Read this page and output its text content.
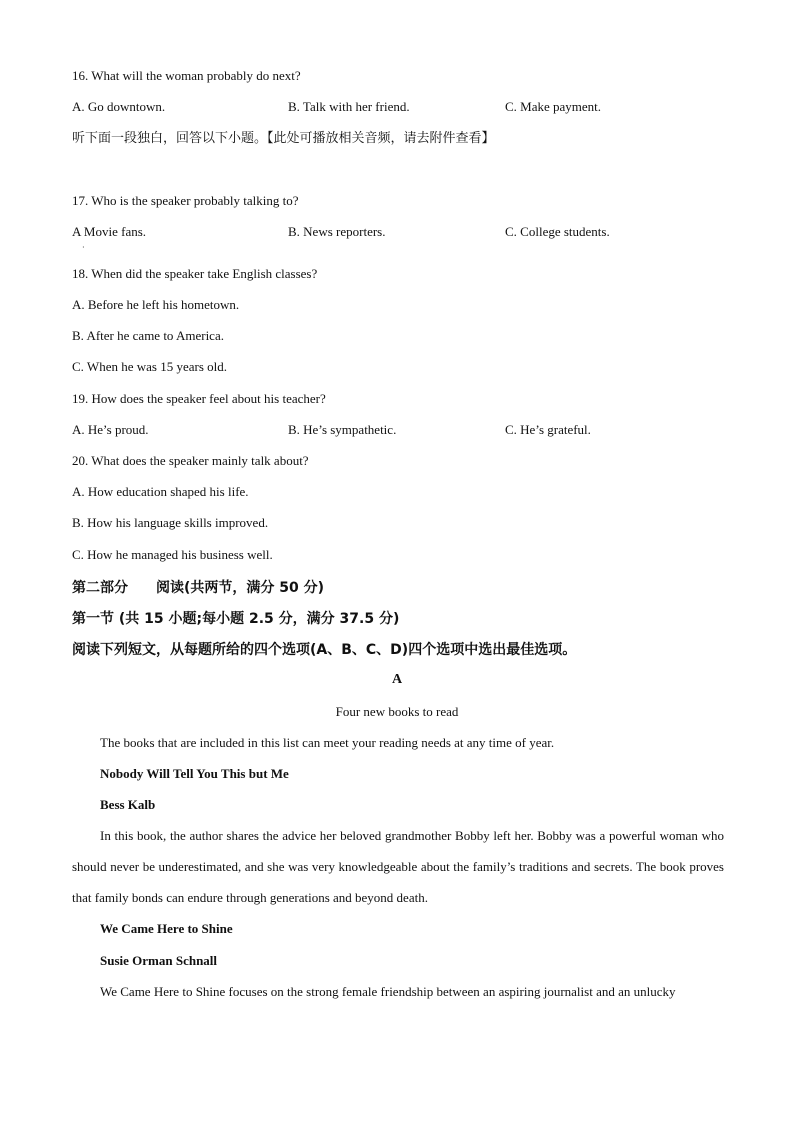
16. What will the woman probably do next?
A. Go downtown.	B. Talk with her friend.	C. Make payment.
听下面一段独白，回答以下小题。【此处可播放相关音频，请去附件查看】
17. Who is the speaker probably talking to?
A Movie fans.	B. News reporters.	C. College students.
·
18. When did the speaker take English classes?
A. Before he left his hometown.
B. After he came to America.
C. When he was 15 years old.
19. How does the speaker feel about his teacher?
A. He’s proud.	B. He’s sympathetic.	C. He’s grateful.
20. What does the speaker mainly talk about?
A. How education shaped his life.
B. How his language skills improved.
C. How he managed his business well.
第二部分　　阅读(共两节，满分 50 分)
第一节 (共 15 小题;每小题 2.5 分，满分 37.5 分)
阅读下列短文，从每题所给的四个选项(A、B、C、D)四个选项中选出最佳选项。
A
Four new books to read
The books that are included in this list can meet your reading needs at any time of year.
Nobody Will Tell You This but Me
Bess Kalb
In this book, the author shares the advice her beloved grandmother Bobby left her. Bobby was a powerful woman who should never be underestimated, and she was very knowledgeable about the family’s traditions and secrets. The book proves that family bonds can endure through generations and beyond death.
We Came Here to Shine
Susie Orman Schnall
We Came Here to Shine focuses on the strong female friendship between an aspiring journalist and an unlucky
